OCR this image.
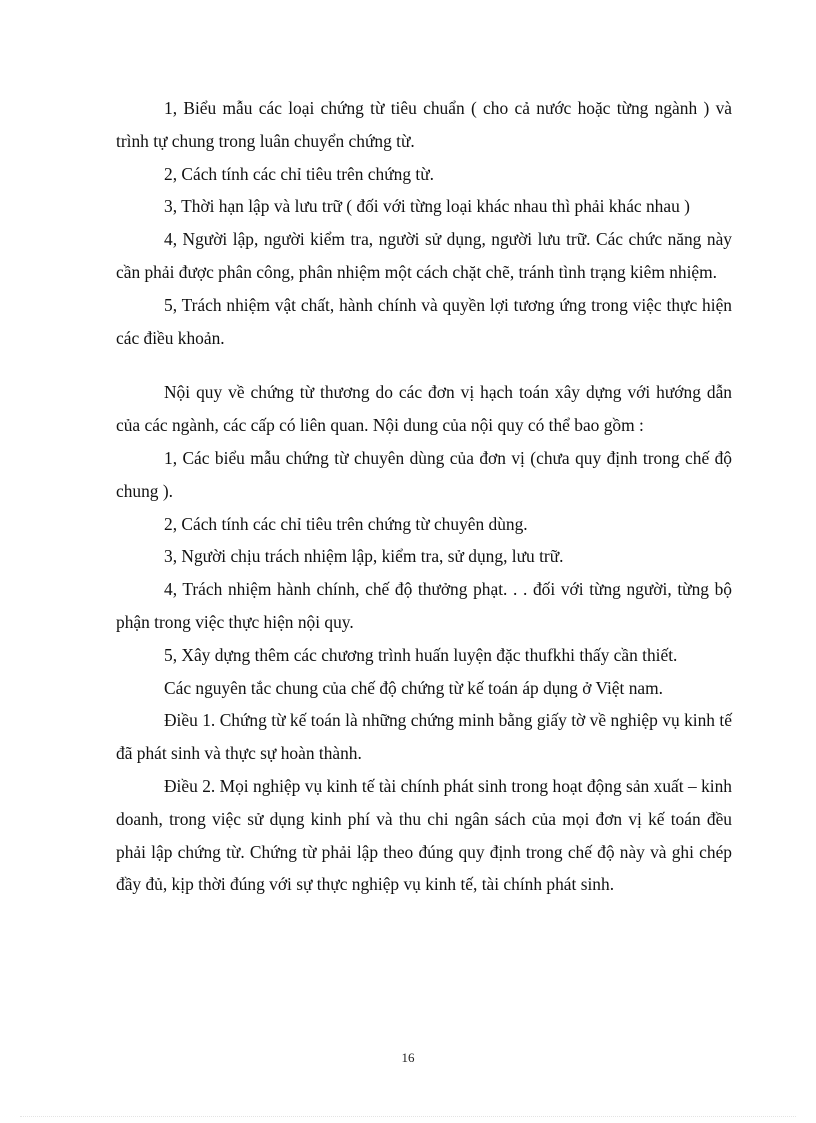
1, Biểu mẫu các loại chứng từ tiêu chuẩn ( cho cả nước hoặc từng ngành ) và trình tự chung trong luân chuyển chứng từ.

2, Cách tính các chỉ tiêu trên chứng từ.

3, Thời hạn lập và lưu trữ ( đối với từng loại khác nhau thì phải khác nhau )

4, Người lập, người kiểm tra, người sử dụng, người lưu trữ. Các chức năng này cần phải được phân công, phân nhiệm một cách chặt chẽ, tránh tình trạng kiêm nhiệm.

5, Trách nhiệm vật chất, hành chính và quyền lợi tương ứng trong việc thực hiện các điều khoản.

Nội quy về chứng từ thương do các đơn vị hạch toán xây dựng với hướng dẫn của các ngành, các cấp có liên quan. Nội dung của nội quy có thể bao gồm :

1, Các biểu mẫu chứng từ chuyên dùng của đơn vị (chưa quy định trong chế độ chung ).

2, Cách tính các chỉ tiêu trên chứng từ chuyên dùng.

3, Người chịu trách nhiệm lập, kiểm tra, sử dụng, lưu trữ.

4, Trách nhiệm hành chính, chế độ thưởng phạt. . . đối với từng người, từng bộ phận trong việc thực hiện nội quy.

5, Xây dựng thêm các chương trình huấn luyện đặc thufkhi thấy cần thiết.

Các nguyên tắc chung của chế độ chứng từ kế toán áp dụng ở Việt nam.

Điều 1. Chứng từ kế toán là những chứng minh bằng giấy tờ về nghiệp vụ kinh tế đã phát sinh và thực sự hoàn thành.

Điều 2. Mọi nghiệp vụ kinh tế tài chính phát sinh trong hoạt động sản xuất – kinh doanh, trong việc sử dụng kinh phí và thu chi ngân sách của mọi đơn vị kế toán đều phải lập chứng từ. Chứng từ phải lập theo đúng quy định trong chế độ này và ghi chép đầy đủ, kịp thời đúng với sự thực nghiệp vụ kinh tế, tài chính phát sinh.

16
